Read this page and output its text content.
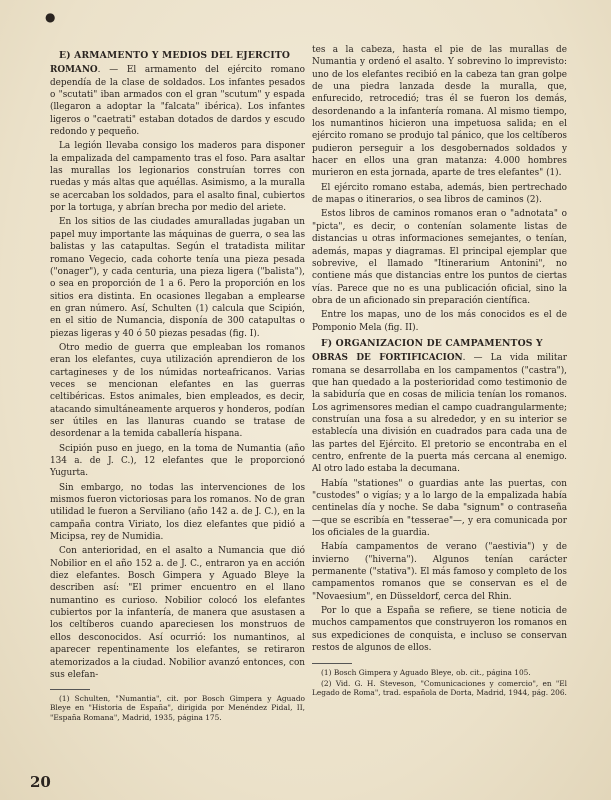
●

E) ARMAMENTO Y MEDIOS DEL EJERCITO

ROMANO. — El armamento del ejército romano dependía de la clase de soldados. Los infantes pesados o "scutati" iban armados con el gran "scutum" y espada (llegaron a adoptar la "falcata" ibérica). Los infantes ligeros o "caetrati" estaban dotados de dardos y escudo redondo y pequeño.

La legión llevaba consigo los maderos para disponer la empalizada del campamento tras el foso. Para asaltar las murallas los legionarios construían torres con ruedas y más altas que aquéllas. Asimismo, a la muralla se acercaban los soldados, para el asalto final, cubiertos por la tortuga, y abrían brecha por medio del ariete.

En los sitios de las ciudades amuralladas jugaban un papel muy importante las máquinas de guerra, o sea las balistas y las catapultas. Según el tratadista militar romano Vegecio, cada cohorte tenía una pieza pesada ("onager"), y cada centuria, una pieza ligera ("balista"), o sea en proporción de 1 a 6. Pero la proporción en los sitios era distinta. En ocasiones llegaban a emplearse en gran número. Así, Schulten (1) calcula que Scipión, en el sitio de Numancia, disponía de 300 catapultas o piezas ligeras y 40 ó 50 piezas pesadas (fig. I).

Otro medio de guerra que empleaban los romanos eran los elefantes, cuya utilización aprendieron de los cartagineses y de los númidas norteafricanos. Varias veces se mencionan elefantes en las guerras celtibéricas. Estos animales, bien empleados, es decir, atacando simultáneamente arqueros y honderos, podían ser útiles en las llanuras cuando se tratase de desordenar a la temida caballería hispana.

Scipión puso en juego, en la toma de Numantia (año 134 a. de J. C.), 12 elefantes que le proporcionó Yugurta.

Sin embargo, no todas las intervenciones de los mismos fueron victoriosas para los romanos. No de gran utilidad le fueron a Serviliano (año 142 a. de J. C.), en la campaña contra Viriato, los diez elefantes que pidió a Micipsa, rey de Numidia.

Con anterioridad, en el asalto a Numancia que dió Nobilior en el año 152 a. de J. C., entraron ya en acción diez elefantes. Bosch Gimpera y Aguado Bleye la describen así: "El primer encuentro en el llano numantino es curioso. Nobilior colocó los elefantes cubiertos por la infantería, de manera que asustasen a los celtíberos cuando apareciesen los monstruos de ellos desconocidos. Así ocurrió: los numantinos, al aparecer repentinamente los elefantes, se retiraron atemorizados a la ciudad. Nobilior avanzó entonces, con sus elefan-

(1) Schulten, "Numantia", cit. por Bosch Gimpera y Aguado Bleye en "Historia de España", dirigida por Menéndez Pidal, II, "España Romana", Madrid, 1935, página 175.

tes a la cabeza, hasta el pie de las murallas de Numantia y ordenó el asalto. Y sobrevino lo imprevisto: uno de los elefantes recibió en la cabeza tan gran golpe de una piedra lanzada desde la muralla, que, enfurecido, retrocedió; tras él se fueron los demás, desordenando a la infantería romana. Al mismo tiempo, los numantinos hicieron una impetuosa salida; en el ejército romano se produjo tal pánico, que los celtíberos pudieron perseguir a los desgobernados soldados y hacer en ellos una gran matanza: 4.000 hombres murieron en esta jornada, aparte de tres elefantes" (1).

El ejército romano estaba, además, bien pertrechado de mapas o itinerarios, o sea libros de caminos (2).

Estos libros de caminos romanos eran o "adnotata" o "picta", es decir, o contenían solamente listas de distancias u otras informaciones semejantes, o tenían, además, mapas y diagramas. El principal ejemplar que sobrevive, el llamado "Itinerarium Antonini", no contiene más que distancias entre los puntos de ciertas vías. Parece que no es una publicación oficial, sino la obra de un aficionado sin preparación científica.

Entre los mapas, uno de los más conocidos es el de Pomponio Mela (fig. II).

F) ORGANIZACION DE CAMPAMENTOS Y

OBRAS DE FORTIFICACION. — La vida militar romana se desarrollaba en los campamentos ("castra"), que han quedado a la posterioridad como testimonio de la sabiduría que en cosas de milicia tenían los romanos. Los agrimensores median el campo cuadrangularmente; construían una fosa a su alrededor, y en su interior se establecía una división en cuadrados para cada una de las partes del Ejército. El pretorio se encontraba en el centro, enfrente de la puerta más cercana al enemigo. Al otro lado estaba la decumana.

Había "stationes" o guardias ante las puertas, con "custodes" o vigías; y a lo largo de la empalizada había centinelas día y noche. Se daba "signum" o contraseña —que se escribía en "tesserae"—, y era comunicada por los oficiales de la guardia.

Había campamentos de verano ("aestivia") y de invierno ("hiverna"). Algunos tenían carácter permanente ("stativa"). El más famoso y completo de los campamentos romanos que se conservan es el de "Novaesium", en Düsseldorf, cerca del Rhin.

Por lo que a España se refiere, se tiene noticia de muchos campamentos que construyeron los romanos en sus expediciones de conquista, e incluso se conservan restos de algunos de ellos.

(1) Bosch Gimpera y Aguado Bleye, ob. cit., página 105.

(2) Vid. G. H. Steveson, "Comunicaciones y comercio", en "El Legado de Roma", trad. española de Dorta, Madrid, 1944, pág. 206.

20
